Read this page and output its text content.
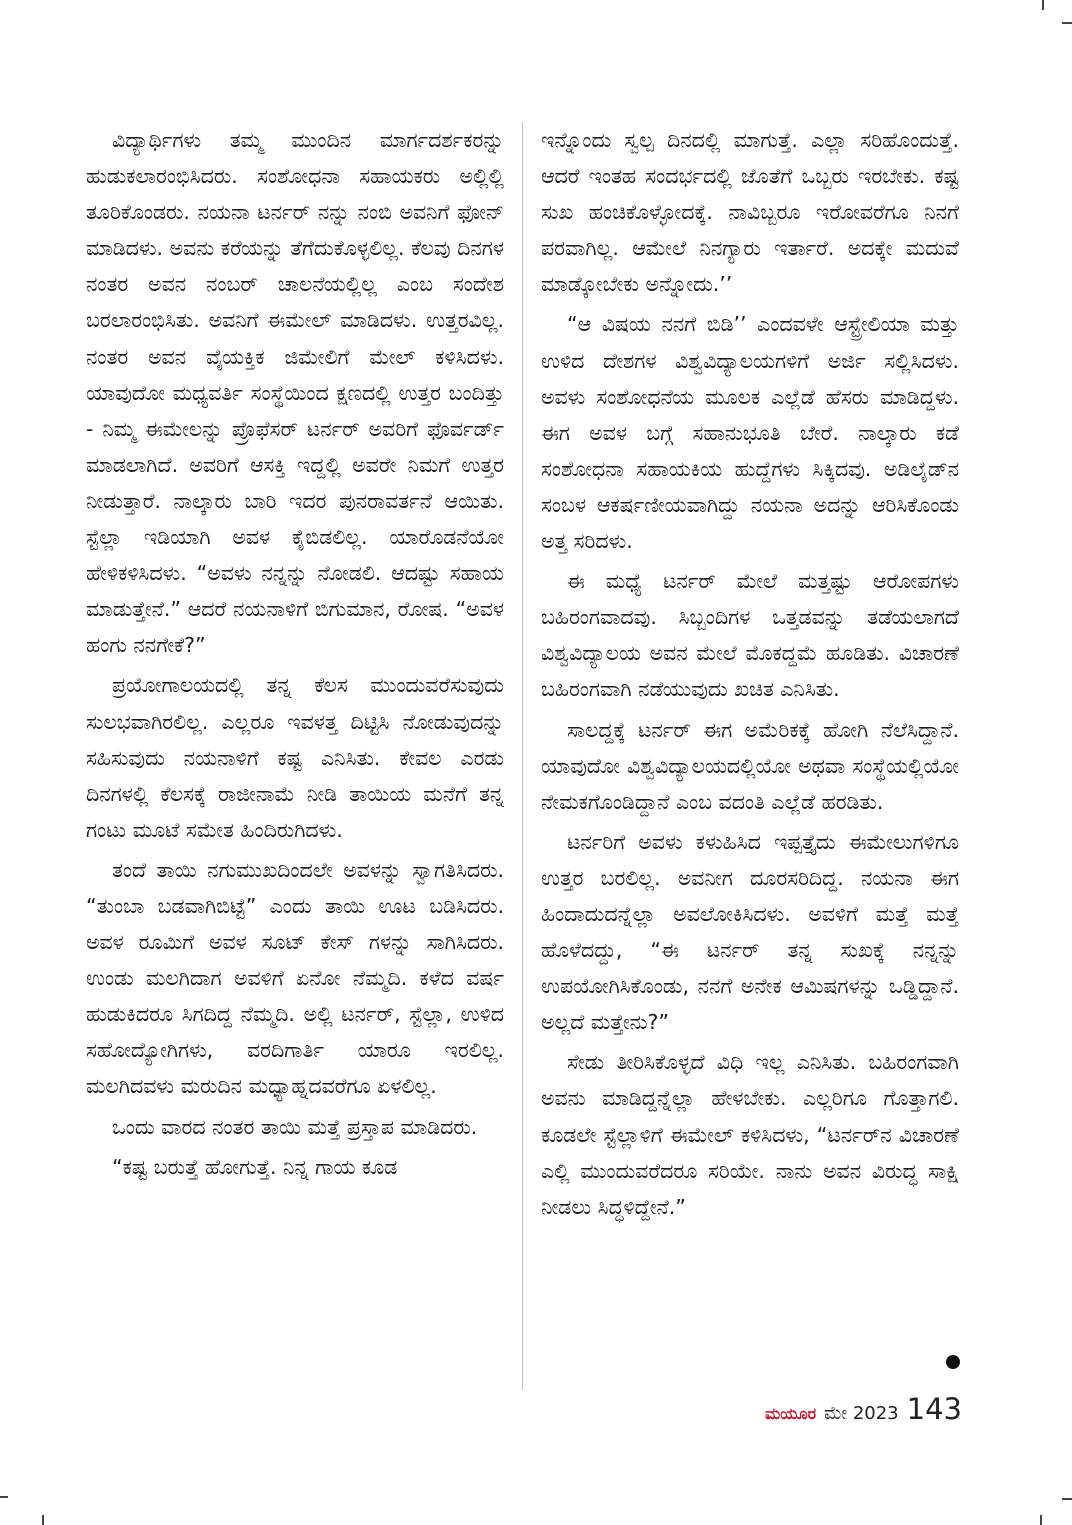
ವಿದ್ಯಾರ್ಥಿಗಳು ತಮ್ಮ ಮುಂದಿನ ಮಾರ್ಗದರ್ಶಕರನ್ನು ಹುಡುಕಲಾರಂಭಿಸಿದರು. ಸಂಶೋಧನಾ ಸಹಾಯಕರು ಅಲ್ಲಿಲ್ಲಿ ತೂರಿಕೊಂಡರು. ನಯನಾ ಟರ್ನರ್ ನನ್ನು ನಂಬಿ ಅವನಿಗೆ ಫೋನ್ ಮಾಡಿದಳು. ಅವನು ಕರೆಯನ್ನು ತೆಗೆದುಕೊಳ್ಳಲಿಲ್ಲ. ಕೆಲವು ದಿನಗಳ ನಂತರ ಅವನ ನಂಬರ್ ಚಾಲನೆಯಲ್ಲಿಲ್ಲ ಎಂಬ ಸಂದೇಶ ಬರಲಾರಂಭಿಸಿತು. ಅವನಿಗೆ ಈಮೇಲ್ ಮಾಡಿದಳು. ಉತ್ತರವಿಲ್ಲ. ನಂತರ ಅವನ ವೈಯಕ್ತಿಕ ಜಿಮೇಲಿಗೆ ಮೇಲ್ ಕಳಿಸಿದಳು. ಯಾವುದೋ ಮಧ್ಯವರ್ತಿ ಸಂಸ್ಥೆಯಿಂದ ಕ್ಷಣದಲ್ಲಿ ಉತ್ತರ ಬಂದಿತ್ತು - ನಿಮ್ಮ ಈಮೇಲನ್ನು ಪ್ರೊಫೆಸರ್ ಟರ್ನರ್ ಅವರಿಗೆ ಫೊರ್ವರ್ಡ್ ಮಾಡಲಾಗಿದೆ. ಅವರಿಗೆ ಆಸಕ್ತಿ ಇದ್ದಲ್ಲಿ ಅವರೇ ನಿಮಗೆ ಉತ್ತರ ನೀಡುತ್ತಾರೆ. ನಾಲ್ಕಾರು ಬಾರಿ ಇದರ ಪುನರಾವರ್ತನೆ ಆಯಿತು. ಸ್ಟೆಲ್ಲಾ ಇಡಿಯಾಗಿ ಅವಳ ಕೈಬಿಡಲಿಲ್ಲ. ಯಾರೊಡನೆಯೋ ಹೇಳಿಕಳಿಸಿದಳು. “ಅವಳು ನನ್ನನ್ನು ನೋಡಲಿ. ಆದಷ್ಟು ಸಹಾಯ ಮಾಡುತ್ತೇನೆ.” ಆದರೆ ನಯನಾಳಿಗೆ ಬಿಗುಮಾನ, ರೋಷ. “ಅವಳ ಹಂಗು ನನಗೇಕೆ?”

ಪ್ರಯೋಗಾಲಯದಲ್ಲಿ ತನ್ನ ಕೆಲಸ ಮುಂದುವರೆಸುವುದು ಸುಲಭವಾಗಿರಲಿಲ್ಲ. ಎಲ್ಲರೂ ಇವಳತ್ತ ದಿಟ್ಟಿಸಿ ನೋಡುವುದನ್ನು ಸಹಿಸುವುದು ನಯನಾಳಿಗೆ ಕಷ್ಟ ಎನಿಸಿತು. ಕೇವಲ ಎರಡು ದಿನಗಳಲ್ಲಿ ಕೆಲಸಕ್ಕೆ ರಾಜೀನಾಮೆ ನೀಡಿ ತಾಯಿಯ ಮನೆಗೆ ತನ್ನ ಗಂಟು ಮೂಟೆ ಸಮೇತ ಹಿಂದಿರುಗಿದಳು.

ತಂದೆ ತಾಯಿ ನಗುಮುಖದಿಂದಲೇ ಅವಳನ್ನು ಸ್ವಾಗತಿಸಿದರು. “ತುಂಬಾ ಬಡವಾಗಿಬಿಟ್ಟೆ” ಎಂದು ತಾಯಿ ಊಟ ಬಡಿಸಿದರು. ಅವಳ ರೂಮಿಗೆ ಅವಳ ಸೂಟ್ ಕೇಸ್ ಗಳನ್ನು ಸಾಗಿಸಿದರು. ಉಂಡು ಮಲಗಿದಾಗ ಅವಳಿಗೆ ಏನೋ ನೆಮ್ಮದಿ. ಕಳೆದ ವರ್ಷ ಹುಡುಕಿದರೂ ಸಿಗದಿದ್ದ ನೆಮ್ಮದಿ. ಅಲ್ಲಿ ಟರ್ನರ್, ಸ್ಟೆಲ್ಲಾ, ಉಳಿದ ಸಹೋದ್ಯೋಗಿಗಳು, ವರದಿಗಾರ್ತಿ ಯಾರೂ ಇರಲಿಲ್ಲ. ಮಲಗಿದವಳು ಮರುದಿನ ಮಧ್ಯಾಹ್ನದವರೆಗೂ ಏಳಲಿಲ್ಲ.

ಒಂದು ವಾರದ ನಂತರ ತಾಯಿ ಮತ್ತೆ ಪ್ರಸ್ತಾಪ ಮಾಡಿದರು.

“ಕಷ್ಟ ಬರುತ್ತೆ ಹೋಗುತ್ತೆ. ನಿನ್ನ ಗಾಯ ಕೂಡ

ಇನ್ನೊಂದು ಸ್ವಲ್ಪ ದಿನದಲ್ಲಿ ಮಾಗುತ್ತೆ. ಎಲ್ಲಾ ಸರಿಹೊಂದುತ್ತೆ. ಆದರೆ ಇಂತಹ ಸಂದರ್ಭದಲ್ಲಿ ಜೊತೆಗೆ ಒಬ್ಬರು ಇರಬೇಕು. ಕಷ್ಟ ಸುಖ ಹಂಚಿಕೊಳ್ಳೋದಕ್ಕೆ. ನಾವಿಬ್ಬರೂ ಇರೋವರೆಗೂ ನಿನಗೆ ಪರವಾಗಿಲ್ಲ. ಆಮೇಲೆ ನಿನಗ್ಯಾರು ಇರ್ತಾರೆ. ಅದಕ್ಕೇ ಮದುವೆ ಮಾಡ್ಕೋಬೇಕು ಅನ್ನೋದು.’’

“ಆ ವಿಷಯ ನನಗೆ ಬಿಡಿ’’ ಎಂದವಳೇ ಆಸ್ಟ್ರೇಲಿಯಾ ಮತ್ತು ಉಳಿದ ದೇಶಗಳ ವಿಶ್ವವಿದ್ಯಾಲಯಗಳಿಗೆ ಅರ್ಜಿ ಸಲ್ಲಿಸಿದಳು. ಅವಳು ಸಂಶೋಧನೆಯ ಮೂಲಕ ಎಲ್ಲೆಡೆ ಹೆಸರು ಮಾಡಿದ್ದಳು. ಈಗ ಅವಳ ಬಗ್ಗೆ ಸಹಾನುಭೂತಿ ಬೇರೆ. ನಾಲ್ಕಾರು ಕಡೆ ಸಂಶೋಧನಾ ಸಹಾಯಕಿಯ ಹುದ್ದೆಗಳು ಸಿಕ್ಕಿದವು. ಅಡಿಲೈಡ್‌ನ ಸಂಬಳ ಆಕರ್ಷಣೀಯವಾಗಿದ್ದು ನಯನಾ ಅದನ್ನು ಆರಿಸಿಕೊಂಡು ಅತ್ತ ಸರಿದಳು.

ಈ ಮಧ್ಯೆ ಟರ್ನರ್ ಮೇಲೆ ಮತ್ತಷ್ಟು ಆರೋಪಗಳು ಬಹಿರಂಗವಾದವು. ಸಿಬ್ಬಂದಿಗಳ ಒತ್ತಡವನ್ನು ತಡೆಯಲಾಗದೆ ವಿಶ್ವವಿದ್ಯಾಲಯ ಅವನ ಮೇಲೆ ಮೊಕದ್ದಮೆ ಹೂಡಿತು. ವಿಚಾರಣೆ ಬಹಿರಂಗವಾಗಿ ನಡೆಯುವುದು ಖಚಿತ ಎನಿಸಿತು.

ಸಾಲದ್ದಕ್ಕೆ ಟರ್ನರ್ ಈಗ ಅಮೆರಿಕಕ್ಕೆ ಹೋಗಿ ನೆಲೆಸಿದ್ದಾನೆ. ಯಾವುದೋ ವಿಶ್ವವಿದ್ಯಾಲಯದಲ್ಲಿಯೋ ಅಥವಾ ಸಂಸ್ಥೆಯಲ್ಲಿಯೋ ನೇಮಕಗೊಂಡಿದ್ದಾನೆ ಎಂಬ ವದಂತಿ ಎಲ್ಲೆಡೆ ಹರಡಿತು.

ಟರ್ನರಿಗೆ ಅವಳು ಕಳುಹಿಸಿದ ಇಪ್ಪತ್ತೈದು ಈಮೇಲುಗಳಿಗೂ ಉತ್ತರ ಬರಲಿಲ್ಲ. ಅವನೀಗ ದೂರಸರಿದಿದ್ದ. ನಯನಾ ಈಗ ಹಿಂದಾದುದನ್ನೆಲ್ಲಾ ಅವಲೋಕಿಸಿದಳು. ಅವಳಿಗೆ ಮತ್ತೆ ಮತ್ತೆ ಹೊಳೆದದ್ದು, “ಈ ಟರ್ನರ್ ತನ್ನ ಸುಖಕ್ಕೆ ನನ್ನನ್ನು ಉಪಯೋಗಿಸಿಕೊಂಡು, ನನಗೆ ಅನೇಕ ಆಮಿಷಗಳನ್ನು ಒಡ್ಡಿದ್ದಾನೆ. ಅಲ್ಲದೆ ಮತ್ತೇನು?”

ಸೇಡು ತೀರಿಸಿಕೊಳ್ಳದೆ ವಿಧಿ ಇಲ್ಲ ಎನಿಸಿತು. ಬಹಿರಂಗವಾಗಿ ಅವನು ಮಾಡಿದ್ದನ್ನೆಲ್ಲಾ ಹೇಳಬೇಕು. ಎಲ್ಲರಿಗೂ ಗೊತ್ತಾಗಲಿ. ಕೂಡಲೇ ಸ್ಟೆಲ್ಲಾಳಿಗೆ ಈಮೇಲ್ ಕಳಿಸಿದಳು, “ಟರ್ನರ್‌ನ ವಿಚಾರಣೆ ಎಲ್ಲಿ ಮುಂದುವರೆದರೂ ಸರಿಯೇ. ನಾನು ಅವನ ವಿರುದ್ಧ ಸಾಕ್ಷಿ ನೀಡಲು ಸಿದ್ಧಳಿದ್ದೇನೆ.”

ಮಯೂರ ಮೇ 2023 143
